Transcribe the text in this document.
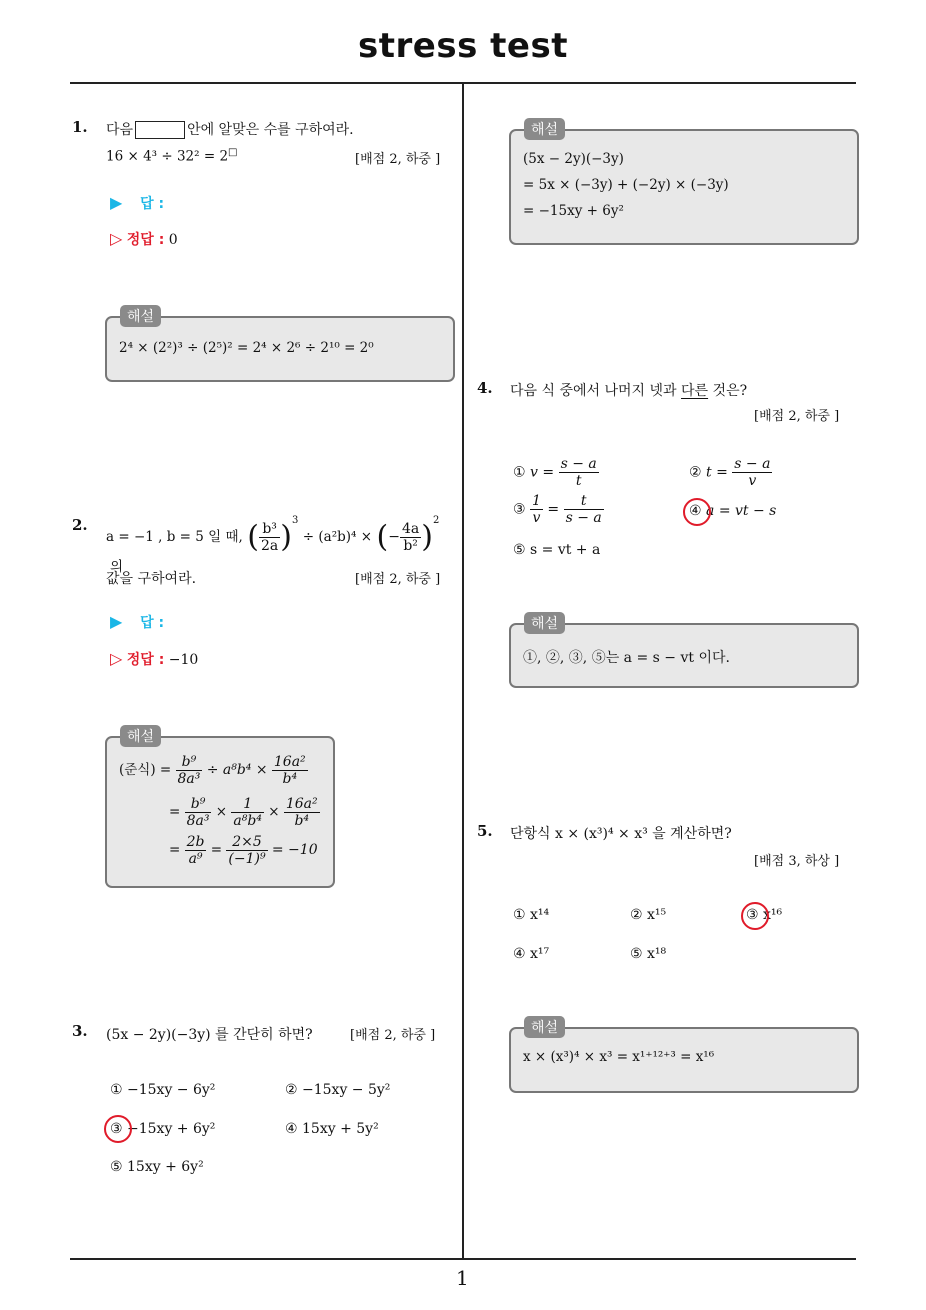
stress test
1. 다음	안에 알맞은 수를 구하여라.
16 × 4³ ÷ 32² = 2□	[배점 2, 하중 ]
▶ 답 :
▷ 정답 : 0
2⁴ × (2²)³ ÷ (2⁵)² = 2⁴ × 2⁶ ÷ 2¹⁰ = 2⁰
해설
2.
a = −1 , b = 5 일 때, ( $\frac{\text{b³}}{2a} )^3 \div (a^2b)^4$ × (− $\frac{4a}{\text{b²}} )^2$ 의
값을 구하여라.	[배점 2, 하중 ]
▶ 답 :
▷ 정답 : −10
(준식) = $\frac{\text{b⁹}}{\text{8a³}} \div a^8b^4 \times \frac{\text{16a²}}{\text{b⁴}}$
= $\frac{\text{b⁹}}{\text{8a³}} \times \frac{1}{\text{a⁸b⁴}} \times \frac{\text{16a²}}{\text{b⁴}}$
= $\frac{2b}{\text{a⁹}} = \frac{2\times 5}{\text{(−1)⁹}} = -10$
해설
3. (5x − 2y)(−3y) 를 간단히 하면?	[배점 2, 하중 ]
① −15xy − 6y²	② −15xy − 5y²
③ −15xy + 6y²	④ 15xy + 5y²
⑤ 15xy + 6y²
(5x − 2y)(−3y)
= 5x × (−3y) + (−2y) × (−3y)
= −15xy + 6y²
해설
4. 다음 식 중에서 나머지 넷과 다른 것은?
[배점 2, 하중 ]
① $v = \frac{s - a}{t}$	② $t = \frac{s - a}{v}$
③ $\frac{1}{v} = \frac{t}{s - a}$	④ a = vt − s
⑤ s = vt + a
①, ②, ③, ⑤는 a = s − vt 이다.
해설
5. 단항식 x × (x³)⁴ × x³ 을 계산하면?
[배점 3, 하상 ]
① x¹⁴	② x¹⁵	③ x¹⁶
④ x¹⁷	⑤ x¹⁸
x × (x³)⁴ × x³ = x¹⁺¹²⁺³ = x¹⁶
해설
1
